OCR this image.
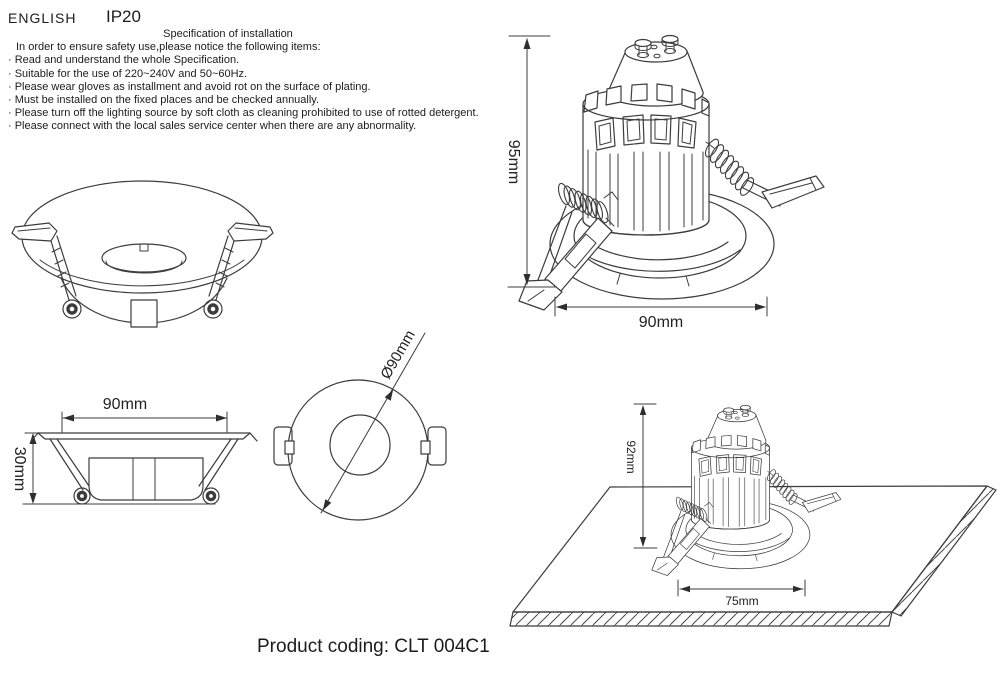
ENGLISH IP20
Specification of installation
In order to ensure safety use,please notice the following items:
· Read and understand the whole Specification.
· Suitable for the use of 220~240V and 50~60Hz.
· Please wear gloves as installment and avoid rot on the surface of plating.
· Must be installed on the fixed places and be checked annually.
· Please turn off the lighting source by soft cloth as cleaning prohibited to use of rotted detergent.
· Please connect with the local sales service center when there are any abnormality.
95mm
90mm
90mm
30mm
Ø90mm
92mm
75mm
Product coding: CLT 004C1
